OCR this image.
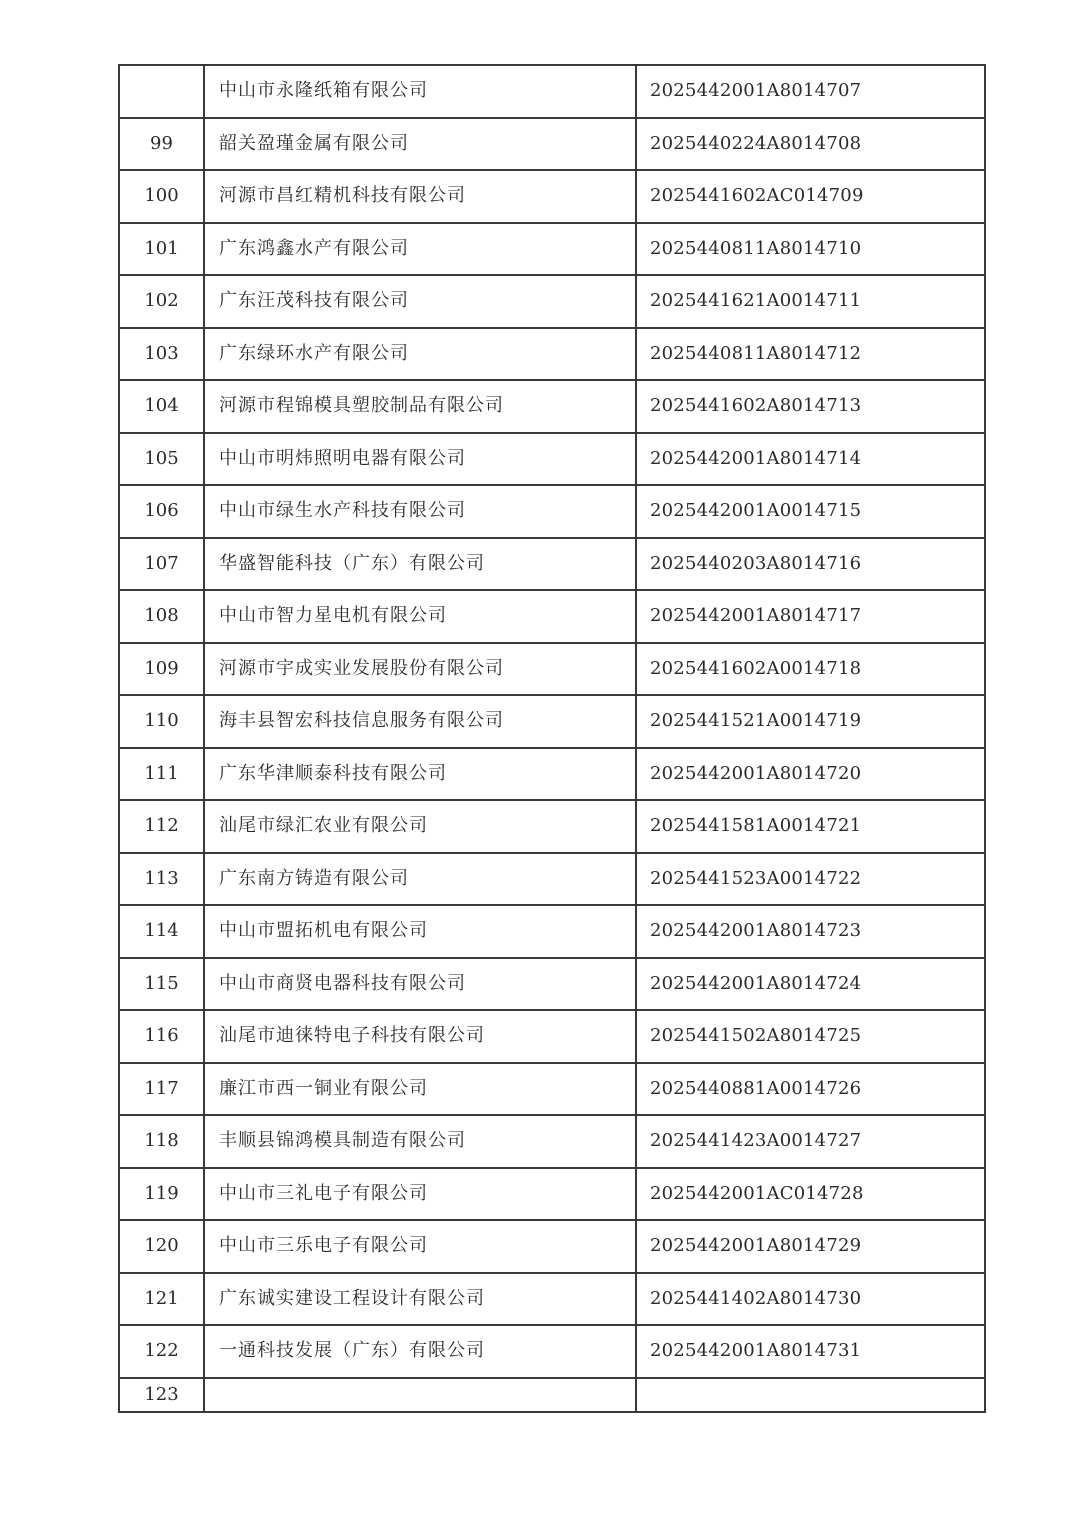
	中山市永隆纸箱有限公司	2025442001A8014707
99	韶关盈瑾金属有限公司	2025440224A8014708
100	河源市昌红精机科技有限公司	2025441602AC014709
101	广东鸿鑫水产有限公司	2025440811A8014710
102	广东汪茂科技有限公司	2025441621A0014711
103	广东绿环水产有限公司	2025440811A8014712
104	河源市程锦模具塑胶制品有限公司	2025441602A8014713
105	中山市明炜照明电器有限公司	2025442001A8014714
106	中山市绿生水产科技有限公司	2025442001A0014715
107	华盛智能科技（广东）有限公司	2025440203A8014716
108	中山市智力星电机有限公司	2025442001A8014717
109	河源市宇成实业发展股份有限公司	2025441602A0014718
110	海丰县智宏科技信息服务有限公司	2025441521A0014719
111	广东华津顺泰科技有限公司	2025442001A8014720
112	汕尾市绿汇农业有限公司	2025441581A0014721
113	广东南方铸造有限公司	2025441523A0014722
114	中山市盟拓机电有限公司	2025442001A8014723
115	中山市商贤电器科技有限公司	2025442001A8014724
116	汕尾市迪徕特电子科技有限公司	2025441502A8014725
117	廉江市西一铜业有限公司	2025440881A0014726
118	丰顺县锦鸿模具制造有限公司	2025441423A0014727
119	中山市三礼电子有限公司	2025442001AC014728
120	中山市三乐电子有限公司	2025442001A8014729
121	广东诚实建设工程设计有限公司	2025441402A8014730
122	一通科技发展（广东）有限公司	2025442001A8014731
123		
